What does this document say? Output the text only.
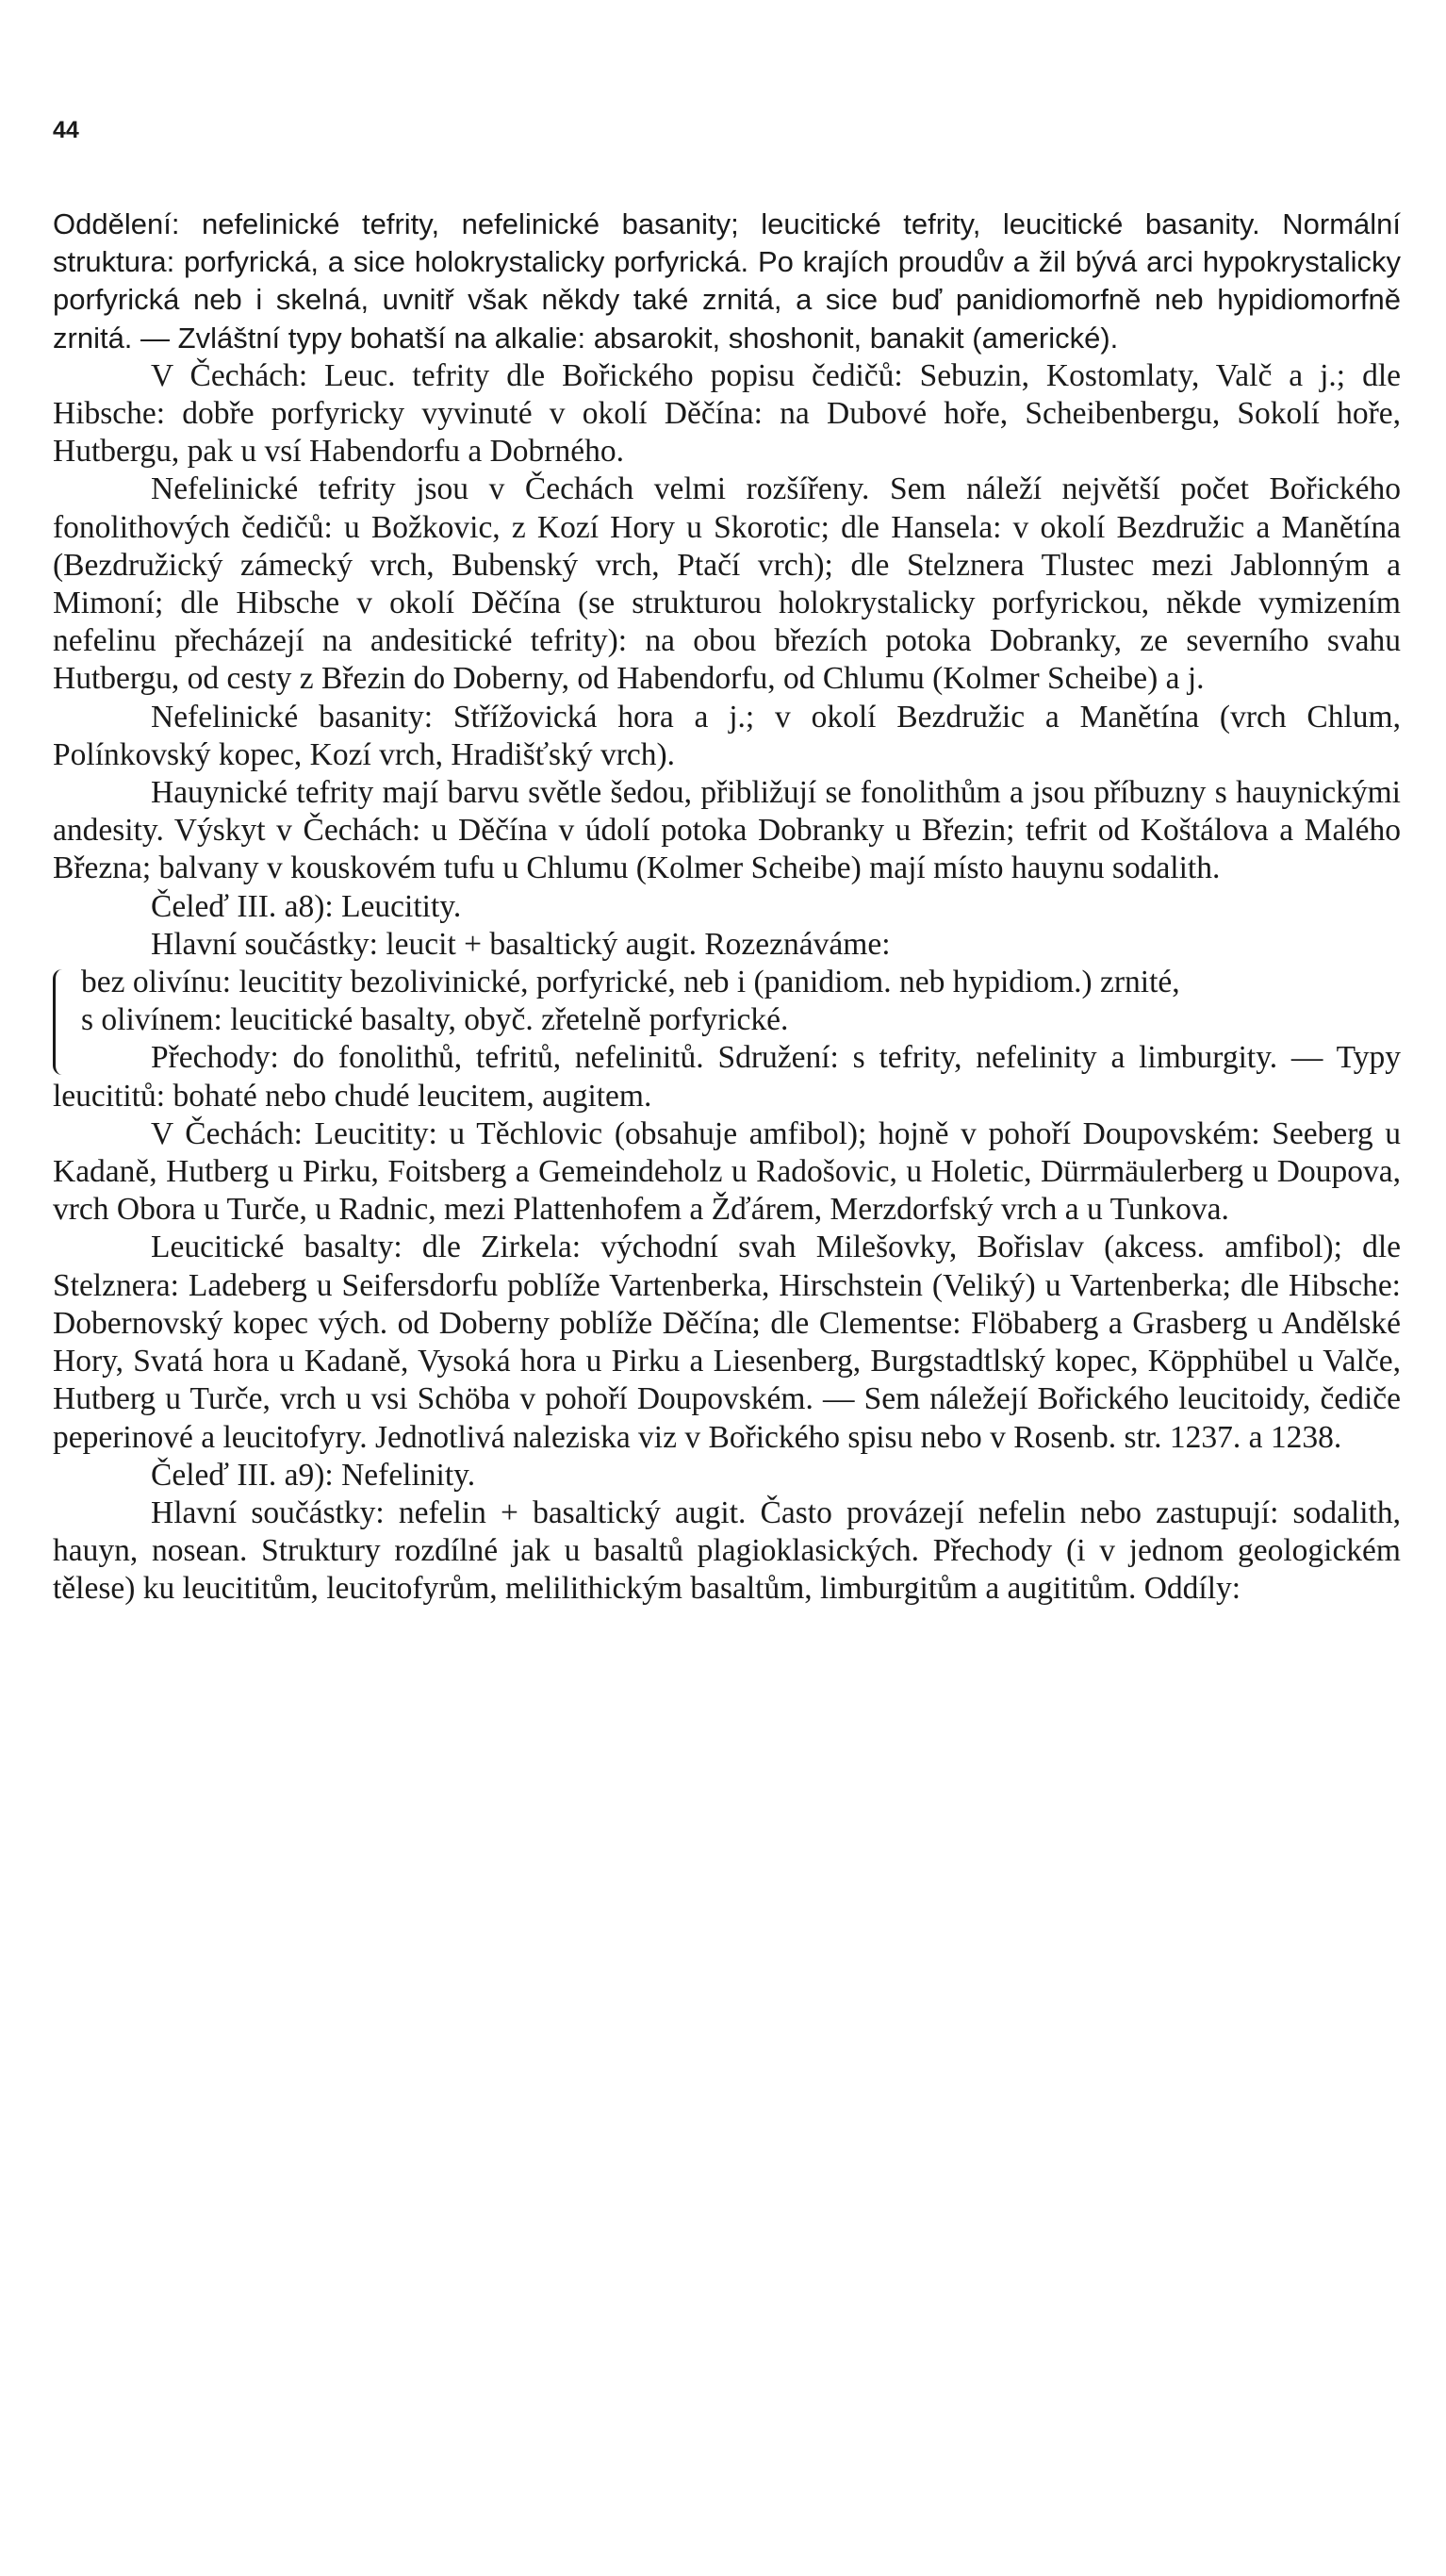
44

Oddělení: nefelinické tefrity, nefelinické basanity; leucitické tefrity, leucitické basanity. Normální struktura: porfyrická, a sice holokrystalicky porfyrická. Po krajích proudův a žil bývá arci hypokrystalicky porfyrická neb i skelná, uvnitř však někdy také zrnitá, a sice buď panidiomorfně neb hypidiomorfně zrnitá. — Zvláštní typy bohatší na alkalie: absarokit, shoshonit, banakit (americké).

V Čechách: Leuc. tefrity dle Bořického popisu čedičů: Sebuzin, Kostomlaty, Valč a j.; dle Hibsche: dobře porfyricky vyvinuté v okolí Děčína: na Dubové hoře, Scheibenbergu, Sokolí hoře, Hutbergu, pak u vsí Habendorfu a Dobrného.

Nefelinické tefrity jsou v Čechách velmi rozšířeny. Sem náleží největší počet Bořického fonolithových čedičů: u Božkovic, z Kozí Hory u Skorotic; dle Hansela: v okolí Bezdružic a Manětína (Bezdružický zámecký vrch, Bubenský vrch, Ptačí vrch); dle Stelznera Tlustec mezi Jablonným a Mimoní; dle Hibsche v okolí Děčína (se strukturou holokrystalicky porfyrickou, někde vymizením nefelinu přecházejí na andesitické tefrity): na obou březích potoka Dobranky, ze severního svahu Hutbergu, od cesty z Březin do Doberny, od Habendorfu, od Chlumu (Kolmer Scheibe) a j.

Nefelinické basanity: Střížovická hora a j.; v okolí Bezdružic a Manětína (vrch Chlum, Polínkovský kopec, Kozí vrch, Hradišťský vrch).

Hauynické tefrity mají barvu světle šedou, přibližují se fonolithům a jsou příbuzny s hauynickými andesity. Výskyt v Čechách: u Děčína v údolí potoka Dobranky u Březin; tefrit od Koštálova a Malého Března; balvany v kouskovém tufu u Chlumu (Kolmer Scheibe) mají místo hauynu sodalith.

Čeleď III. a8): Leucitity.

Hlavní součástky: leucit + basaltický augit. Rozeznáváme:

bez olivínu: leucitity bezolivinické, porfyrické, neb i (panidiom. neb hypidiom.) zrnité,

s olivínem: leucitické basalty, obyč. zřetelně porfyrické.

Přechody: do fonolithů, tefritů, nefelinitů. Sdružení: s tefrity, nefelinity a limburgity. — Typy leucititů: bohaté nebo chudé leucitem, augitem.

V Čechách: Leucitity: u Těchlovic (obsahuje amfibol); hojně v pohoří Doupovském: Seeberg u Kadaně, Hutberg u Pirku, Foitsberg a Gemeindeholz u Radošovic, u Holetic, Dürrmäulerberg u Doupova, vrch Obora u Turče, u Radnic, mezi Plattenhofem a Žďárem, Merzdorfský vrch a u Tunkova.

Leucitické basalty: dle Zirkela: východní svah Milešovky, Bořislav (akcess. amfibol); dle Stelznera: Ladeberg u Seifersdorfu poblíže Vartenberka, Hirschstein (Veliký) u Vartenberka; dle Hibsche: Dobernovský kopec vých. od Doberny poblíže Děčína; dle Clementse: Flöbaberg a Grasberg u Andělské Hory, Svatá hora u Kadaně, Vysoká hora u Pirku a Liesenberg, Burgstadtlský kopec, Köpphübel u Valče, Hutberg u Turče, vrch u vsi Schöba v pohoří Doupovském. — Sem náležejí Bořického leucitoidy, čediče peperinové a leucitofyry. Jednotlivá naleziska viz v Bořického spisu nebo v Rosenb. str. 1237. a 1238.

Čeleď III. a9): Nefelinity.

Hlavní součástky: nefelin + basaltický augit. Často provázejí nefelin nebo zastupují: sodalith, hauyn, nosean. Struktury rozdílné jak u basaltů plagioklasických. Přechody (i v jednom geologickém tělese) ku leucititům, leucitofyrům, melilithickým basaltům, limburgitům a augititům. Oddíly:
